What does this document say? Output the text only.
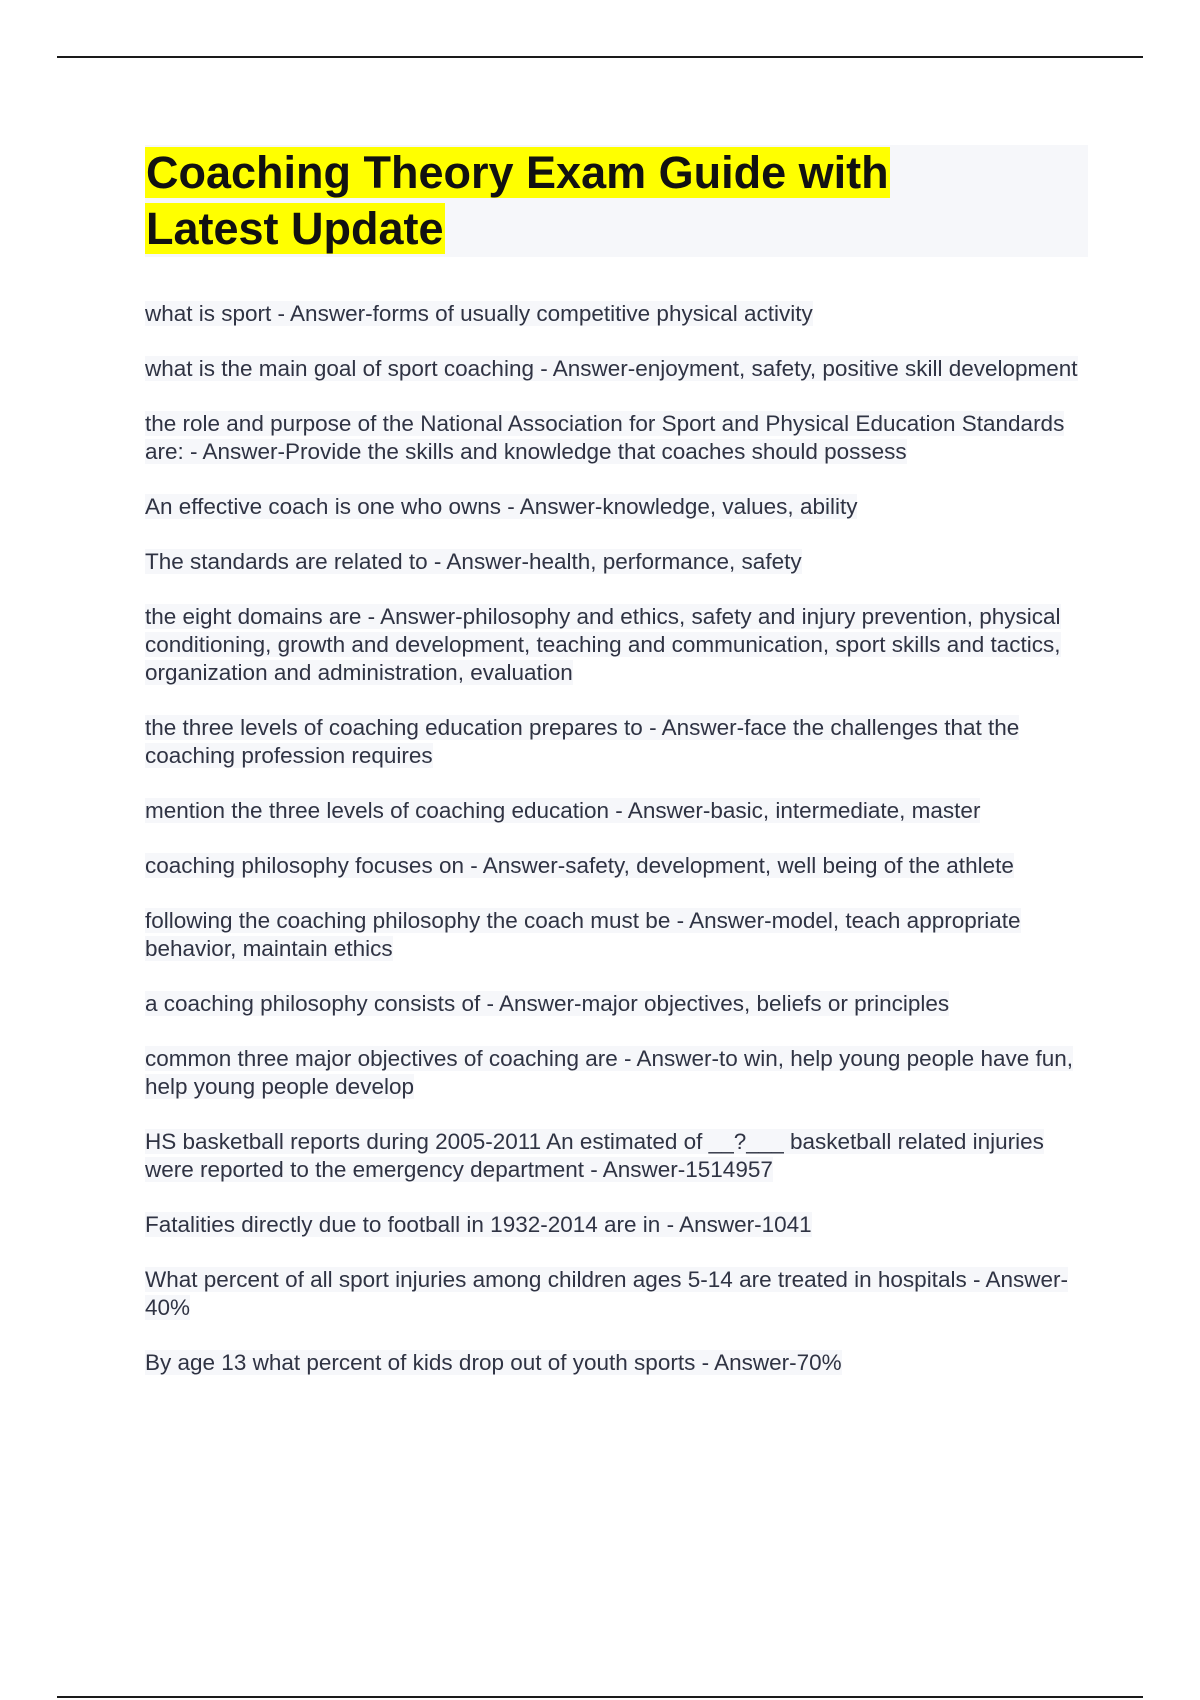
Coaching Theory Exam Guide with
Latest Update
what is sport - Answer-forms of usually competitive physical activity
what is the main goal of sport coaching - Answer-enjoyment, safety, positive skill development
the role and purpose of the National Association for Sport and Physical Education Standards are: - Answer-Provide the skills and knowledge that coaches should possess
An effective coach is one who owns - Answer-knowledge, values, ability
The standards are related to - Answer-health, performance, safety
the eight domains are - Answer-philosophy and ethics, safety and injury prevention, physical conditioning, growth and development, teaching and communication, sport skills and tactics, organization and administration, evaluation
the three levels of coaching education prepares to - Answer-face the challenges that the coaching profession requires
mention the three levels of coaching education - Answer-basic, intermediate, master
coaching philosophy focuses on - Answer-safety, development, well being of the athlete
following the coaching philosophy the coach must be - Answer-model, teach appropriate behavior, maintain ethics
a coaching philosophy consists of - Answer-major objectives, beliefs or principles
common three major objectives of coaching are - Answer-to win, help young people have fun, help young people develop
HS basketball reports during 2005-2011 An estimated of __?___ basketball related injuries were reported to the emergency department - Answer-1514957
Fatalities directly due to football in 1932-2014 are in - Answer-1041
What percent of all sport injuries among children ages 5-14 are treated in hospitals - Answer-40%
By age 13 what percent of kids drop out of youth sports - Answer-70%
